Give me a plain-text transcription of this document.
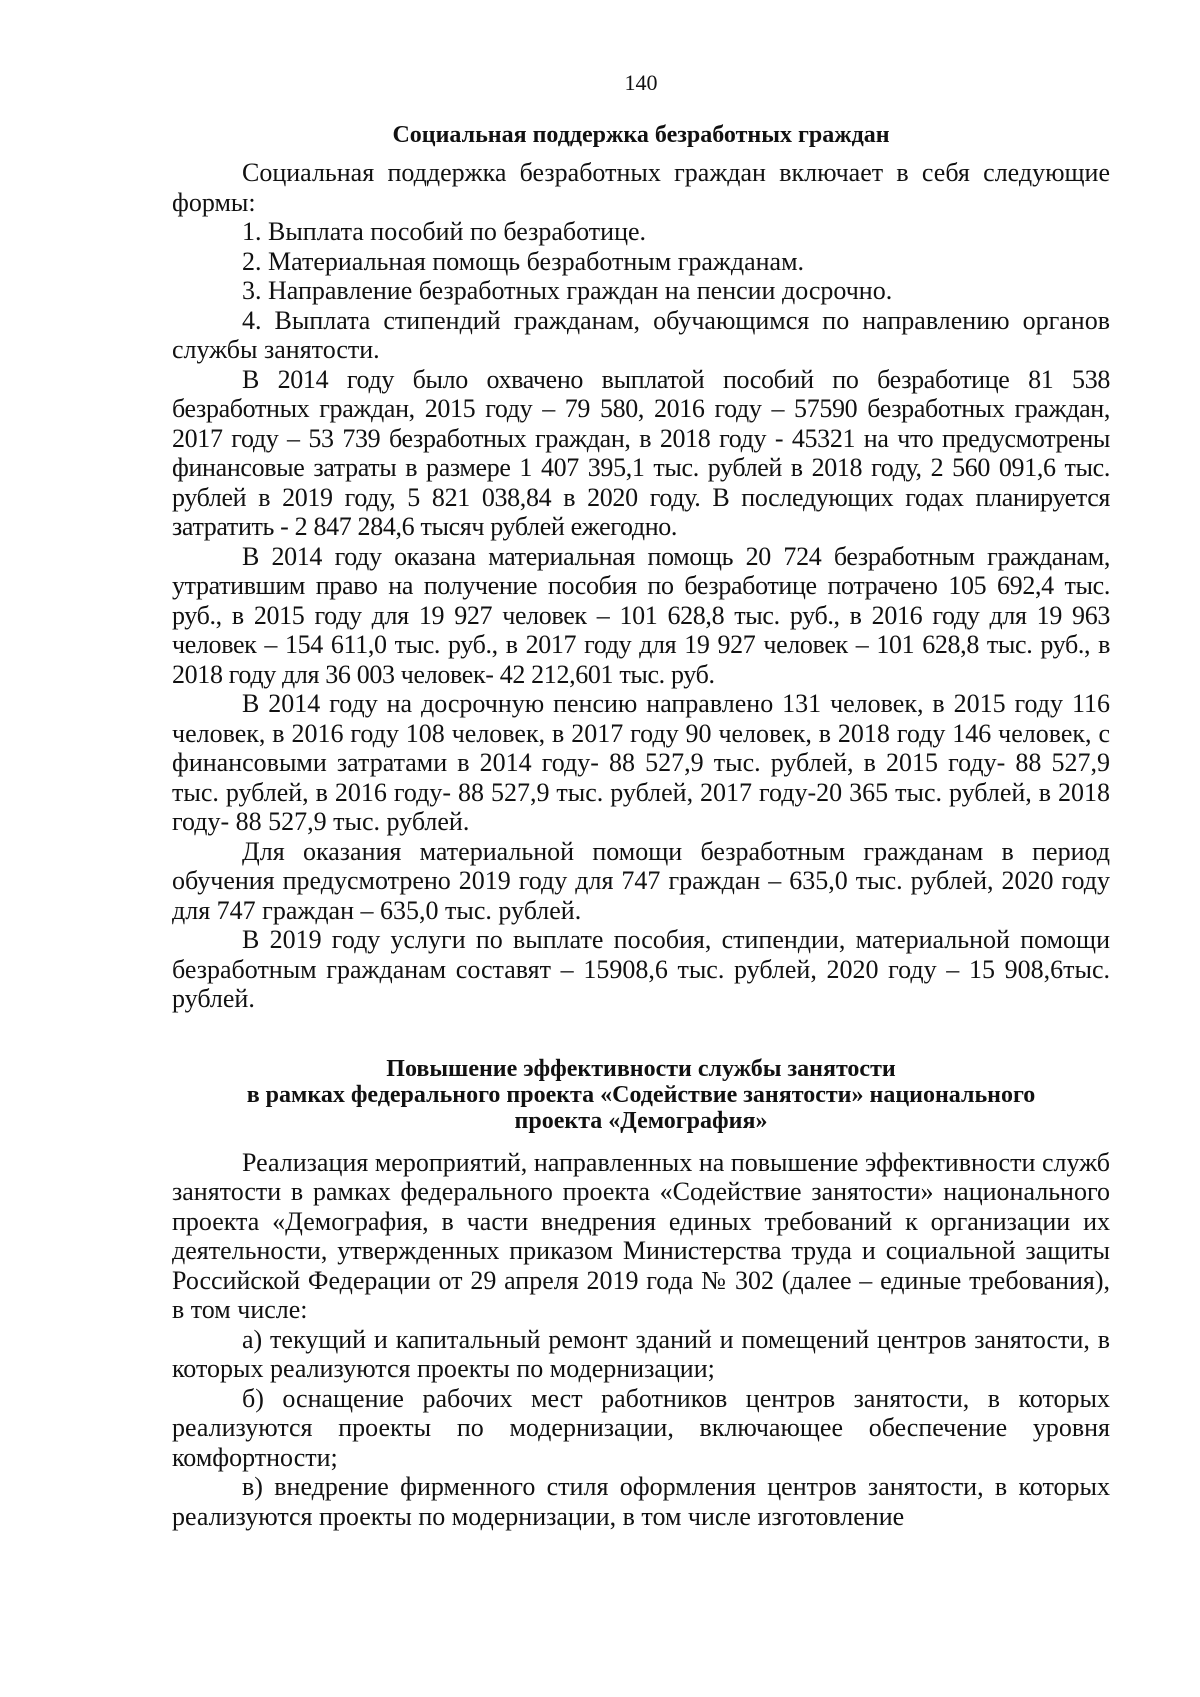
140
Социальная поддержка безработных граждан

Социальная поддержка безработных граждан включает в себя следующие формы:

1. Выплата пособий по безработице.

2. Материальная помощь безработным гражданам.

3. Направление безработных граждан на пенсии досрочно.

4. Выплата стипендий гражданам, обучающимся по направлению органов службы занятости.

В 2014 году было охвачено выплатой пособий по безработице 81 538 безработных граждан, 2015 году – 79 580, 2016 году – 57590 безработных граждан, 2017 году – 53 739 безработных граждан, в 2018 году - 45321 на что предусмотрены финансовые затраты в размере 1 407 395,1 тыс. рублей в 2018 году, 2 560 091,6 тыс. рублей в 2019 году, 5 821 038,84 в 2020 году. В последующих годах планируется затратить - 2 847 284,6 тысяч рублей ежегодно.

В 2014 году оказана материальная помощь 20 724 безработным гражданам, утратившим право на получение пособия по безработице потрачено 105 692,4 тыс. руб., в 2015 году для 19 927 человек – 101 628,8 тыс. руб., в 2016 году для 19 963 человек – 154 611,0 тыс. руб., в 2017 году для 19 927 человек – 101 628,8 тыс. руб., в 2018 году для 36 003 человек- 42 212,601 тыс. руб.

В 2014 году на досрочную пенсию направлено 131 человек, в 2015 году 116 человек, в 2016 году 108 человек, в 2017 году 90 человек, в 2018 году 146 человек, с финансовыми затратами в 2014 году- 88 527,9 тыс. рублей, в 2015 году- 88 527,9 тыс. рублей, в 2016 году- 88 527,9 тыс. рублей, 2017 году-20 365 тыс. рублей, в 2018 году- 88 527,9 тыс. рублей.

Для оказания материальной помощи безработным гражданам в период обучения предусмотрено 2019 году для 747 граждан – 635,0 тыс. рублей, 2020 году для 747 граждан – 635,0 тыс. рублей.

В 2019 году услуги по выплате пособия, стипендии, материальной помощи безработным гражданам составят – 15908,6 тыс. рублей, 2020 году – 15 908,6тыс. рублей.

Повышение эффективности службы занятости
в рамках федерального проекта «Содействие занятости» национального
проекта «Демография»

Реализация мероприятий, направленных на повышение эффективности служб занятости в рамках федерального проекта «Содействие занятости» национального проекта «Демография, в части внедрения единых требований к организации их деятельности, утвержденных приказом Министерства труда и социальной защиты Российской Федерации от 29 апреля 2019 года № 302 (далее – единые требования), в том числе:

а) текущий и капитальный ремонт зданий и помещений центров занятости, в которых реализуются проекты по модернизации;

б) оснащение рабочих мест работников центров занятости, в которых реализуются проекты по модернизации, включающее обеспечение уровня комфортности;

в) внедрение фирменного стиля оформления центров занятости, в которых реализуются проекты по модернизации, в том числе изготовление
